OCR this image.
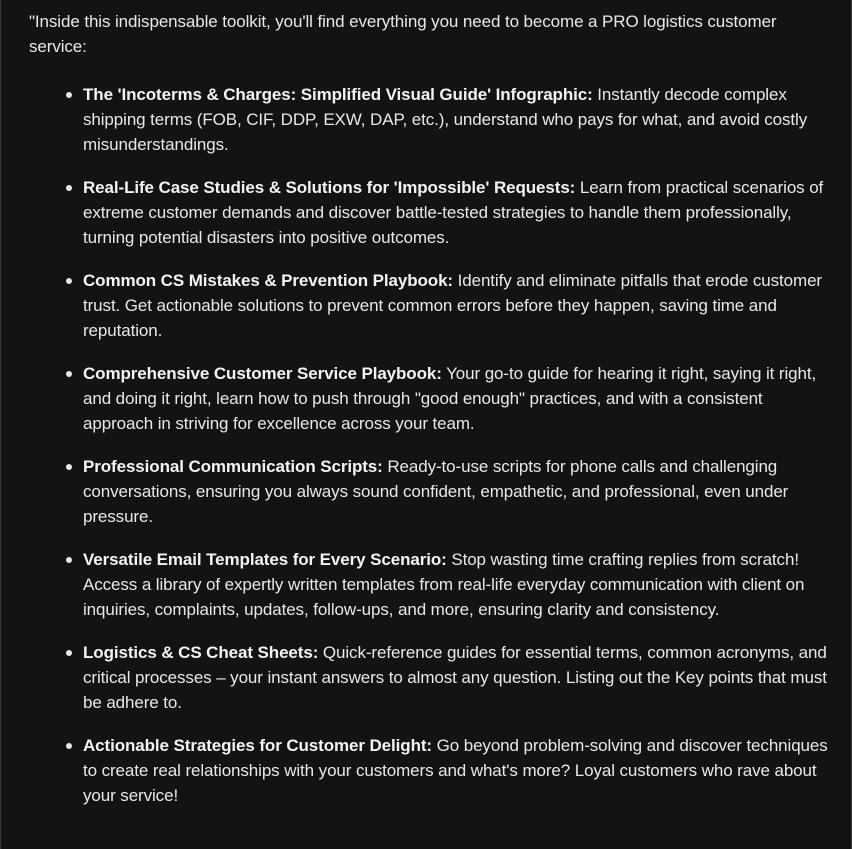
"Inside this indispensable toolkit, you'll find everything you need to become a PRO logistics customer service:

The 'Incoterms & Charges: Simplified Visual Guide' Infographic: Instantly decode complex shipping terms (FOB, CIF, DDP, EXW, DAP, etc.), understand who pays for what, and avoid costly misunderstandings.
Real-Life Case Studies & Solutions for 'Impossible' Requests: Learn from practical scenarios of extreme customer demands and discover battle-tested strategies to handle them professionally, turning potential disasters into positive outcomes.
Common CS Mistakes & Prevention Playbook: Identify and eliminate pitfalls that erode customer trust. Get actionable solutions to prevent common errors before they happen, saving time and reputation.
Comprehensive Customer Service Playbook: Your go-to guide for hearing it right, saying it right, and doing it right, learn how to push through "good enough" practices, and with a consistent approach in striving for excellence across your team.
Professional Communication Scripts: Ready-to-use scripts for phone calls and challenging conversations, ensuring you always sound confident, empathetic, and professional, even under pressure.
Versatile Email Templates for Every Scenario: Stop wasting time crafting replies from scratch! Access a library of expertly written templates from real-life everyday communication with client on inquiries, complaints, updates, follow-ups, and more, ensuring clarity and consistency.
Logistics & CS Cheat Sheets: Quick-reference guides for essential terms, common acronyms, and critical processes – your instant answers to almost any question. Listing out the Key points that must be adhere to.
Actionable Strategies for Customer Delight: Go beyond problem-solving and discover techniques to create real relationships with your customers and what's more? Loyal customers who rave about your service!
